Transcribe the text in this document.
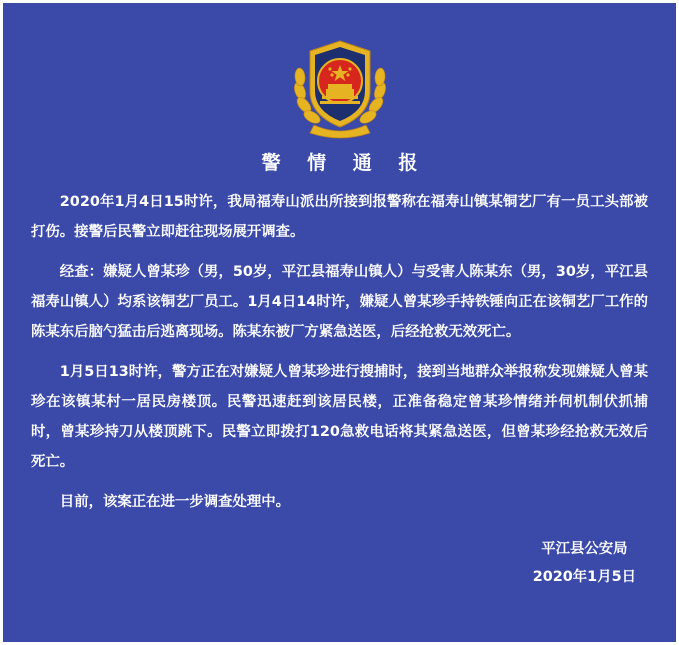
警 情 通 报

2020年1月4日15时许，我局福寿山派出所接到报警称在福寿山镇某铜艺厂有一员工头部被打伤。接警后民警立即赶往现场展开调查。

经查：嫌疑人曾某珍（男，50岁，平江县福寿山镇人）与受害人陈某东（男，30岁，平江县福寿山镇人）均系该铜艺厂员工。1月4日14时许，嫌疑人曾某珍手持铁锤向正在该铜艺厂工作的陈某东后脑勺猛击后逃离现场。陈某东被厂方紧急送医，后经抢救无效死亡。

1月5日13时许，警方正在对嫌疑人曾某珍进行搜捕时，接到当地群众举报称发现嫌疑人曾某珍在该镇某村一居民房楼顶。民警迅速赶到该居民楼，正准备稳定曾某珍情绪并伺机制伏抓捕时，曾某珍持刀从楼顶跳下。民警立即拨打120急救电话将其紧急送医，但曾某珍经抢救无效后死亡。

目前，该案正在进一步调查处理中。

平江县公安局
2020年1月5日
